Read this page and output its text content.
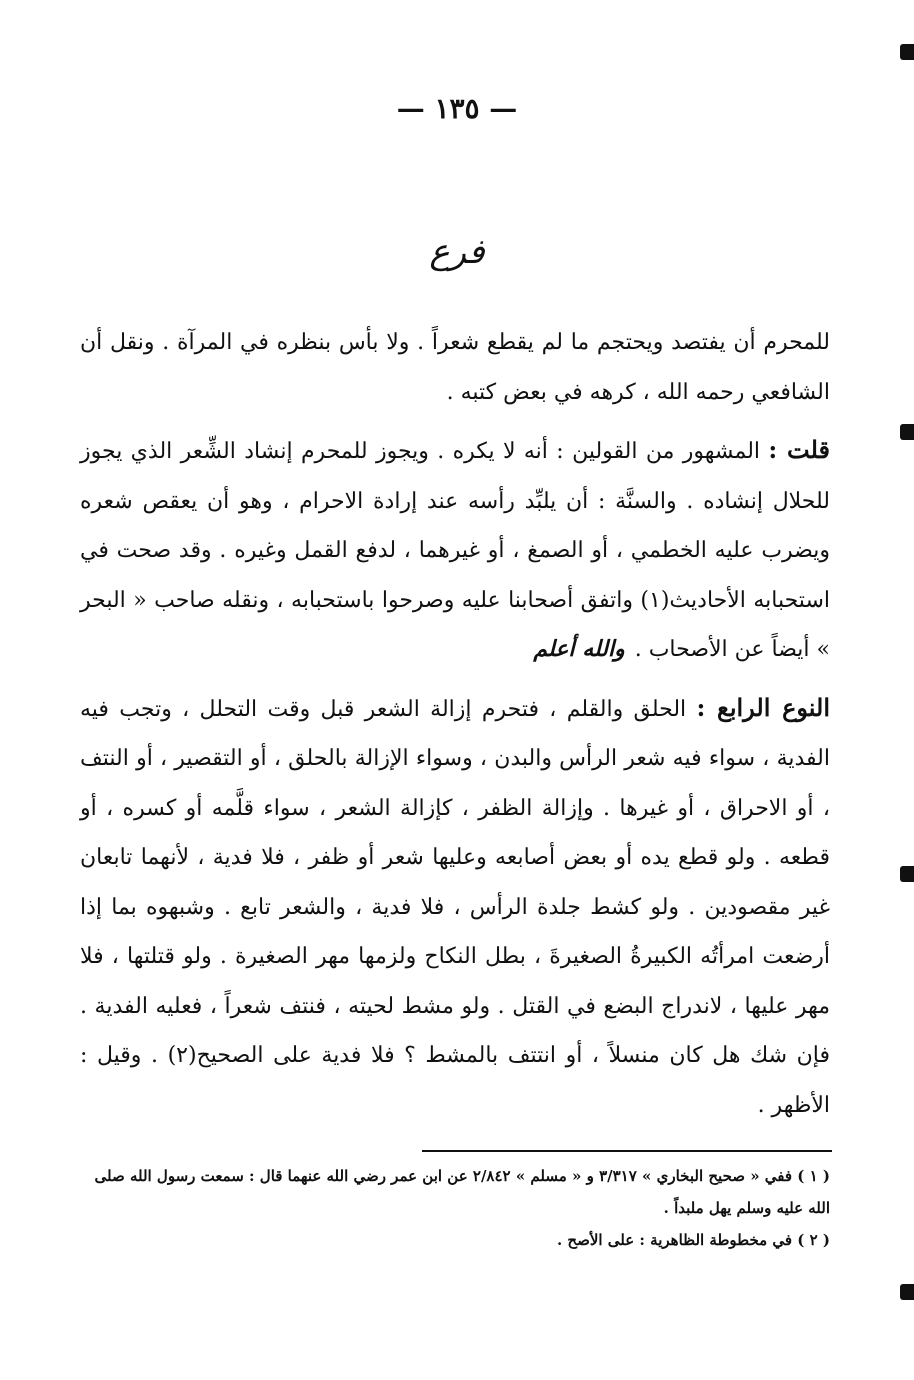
— ١٣٥ —
فرع

للمحرم أن يفتصد ويحتجم ما لم يقطع شعراً . ولا بأس بنظره في المرآة . ونقل أن الشافعي رحمه الله ، كرهه في بعض كتبه .

قلت : المشهور من القولين : أنه لا يكره . ويجوز للمحرم إنشاد الشِّعر الذي يجوز للحلال إنشاده . والسنَّة : أن يلبِّد رأسه عند إرادة الاحرام ، وهو أن يعقص شعره ويضرب عليه الخطمي ، أو الصمغ ، أو غيرهما ، لدفع القمل وغيره . وقد صحت في استحبابه الأحاديث(١) واتفق أصحابنا عليه وصرحوا باستحبابه ، ونقله صاحب « البحر » أيضاً عن الأصحاب .والله أعلم

النوع الرابع : الحلق والقلم ، فتحرم إزالة الشعر قبل وقت التحلل ، وتجب فيه الفدية ، سواء فيه شعر الرأس والبدن ، وسواء الإزالة بالحلق ، أو التقصير ، أو النتف ، أو الاحراق ، أو غيرها . وإزالة الظفر ، كإزالة الشعر ، سواء قلَّمه أو كسره ، أو قطعه . ولو قطع يده أو بعض أصابعه وعليها شعر أو ظفر ، فلا فدية ، لأنهما تابعان غير مقصودين . ولو كشط جلدة الرأس ، فلا فدية ، والشعر تابع . وشبهوه بما إذا أرضعت امرأتُه الكبيرةُ الصغيرةَ ، بطل النكاح ولزمها مهر الصغيرة . ولو قتلتها ، فلا مهر عليها ، لاندراج البضع في القتل . ولو مشط لحيته ، فنتف شعراً ، فعليه الفدية . فإن شك هل كان منسلاً ، أو انتتف بالمشط ؟ فلا فدية على الصحيح(٢) . وقيل : الأظهر .

( ١ ) ففي « صحيح البخاري » ٣/٣١٧ و « مسلم » ٢/٨٤٢ عن ابن عمر رضي الله عنهما قال : سمعت رسول الله صلى الله عليه وسلم يهل ملبداً .

( ٢ ) في مخطوطة الظاهرية : على الأصح .
